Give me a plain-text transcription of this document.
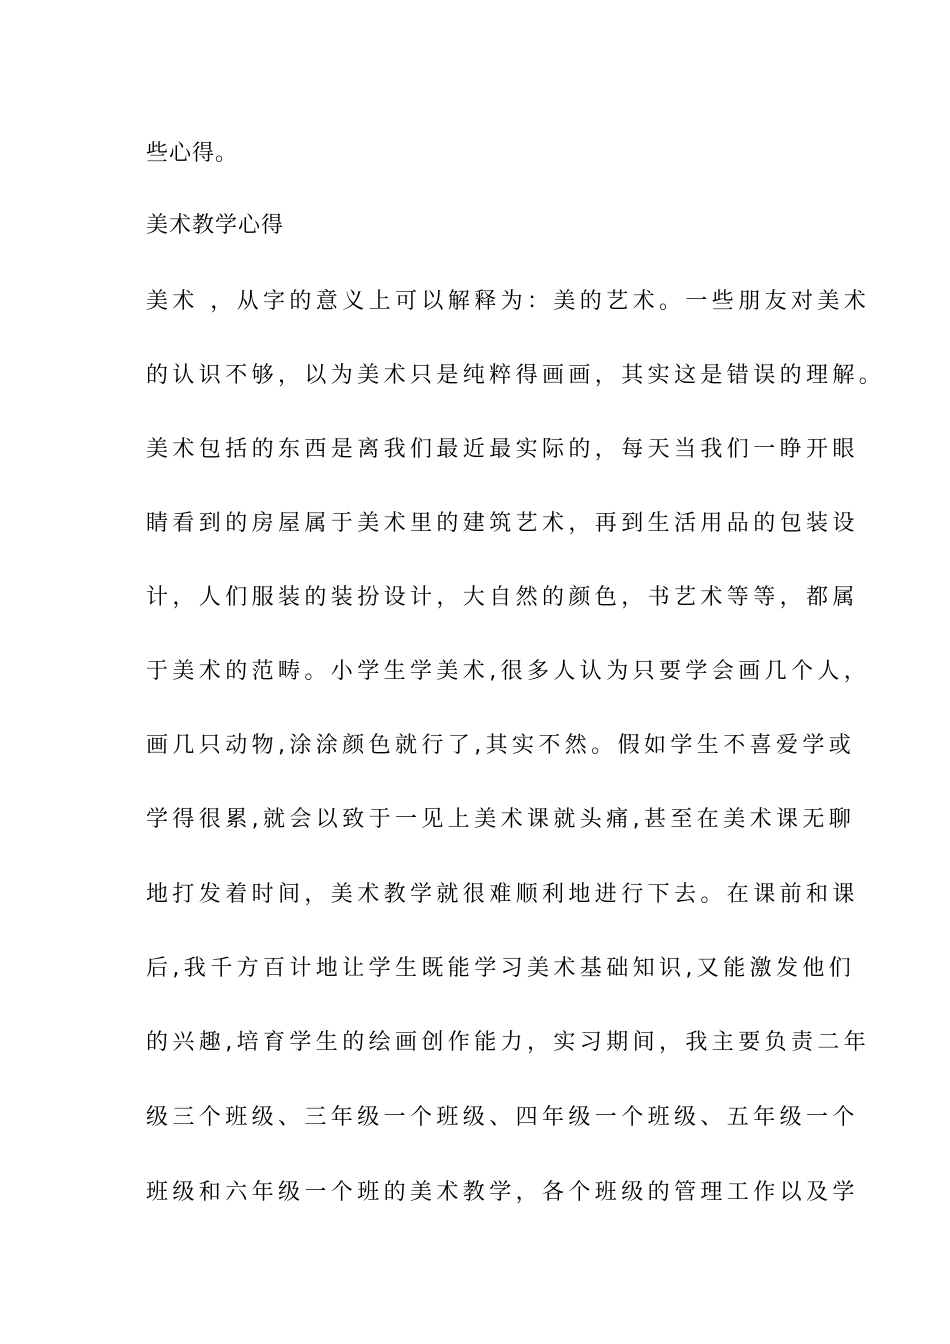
些心得。
美术教学心得
美术 ，从字的意义上可以解释为：美的艺术。一些朋友对美术
的认识不够，以为美术只是纯粹得画画，其实这是错误的理解。
美术包括的东西是离我们最近最实际的，每天当我们一睁开眼
睛看到的房屋属于美术里的建筑艺术，再到生活用品的包装设
计，人们服装的装扮设计，大自然的颜色，书艺术等等，都属
于美术的范畴。小学生学美术,很多人认为只要学会画几个人，
画几只动物,涂涂颜色就行了,其实不然。假如学生不喜爱学或
学得很累,就会以致于一见上美术课就头痛,甚至在美术课无聊
地打发着时间，美术教学就很难顺利地进行下去。在课前和课
后,我千方百计地让学生既能学习美术基础知识,又能激发他们
的兴趣,培育学生的绘画创作能力，实习期间，我主要负责二年
级三个班级、三年级一个班级、四年级一个班级、五年级一个
班级和六年级一个班的美术教学，各个班级的管理工作以及学
